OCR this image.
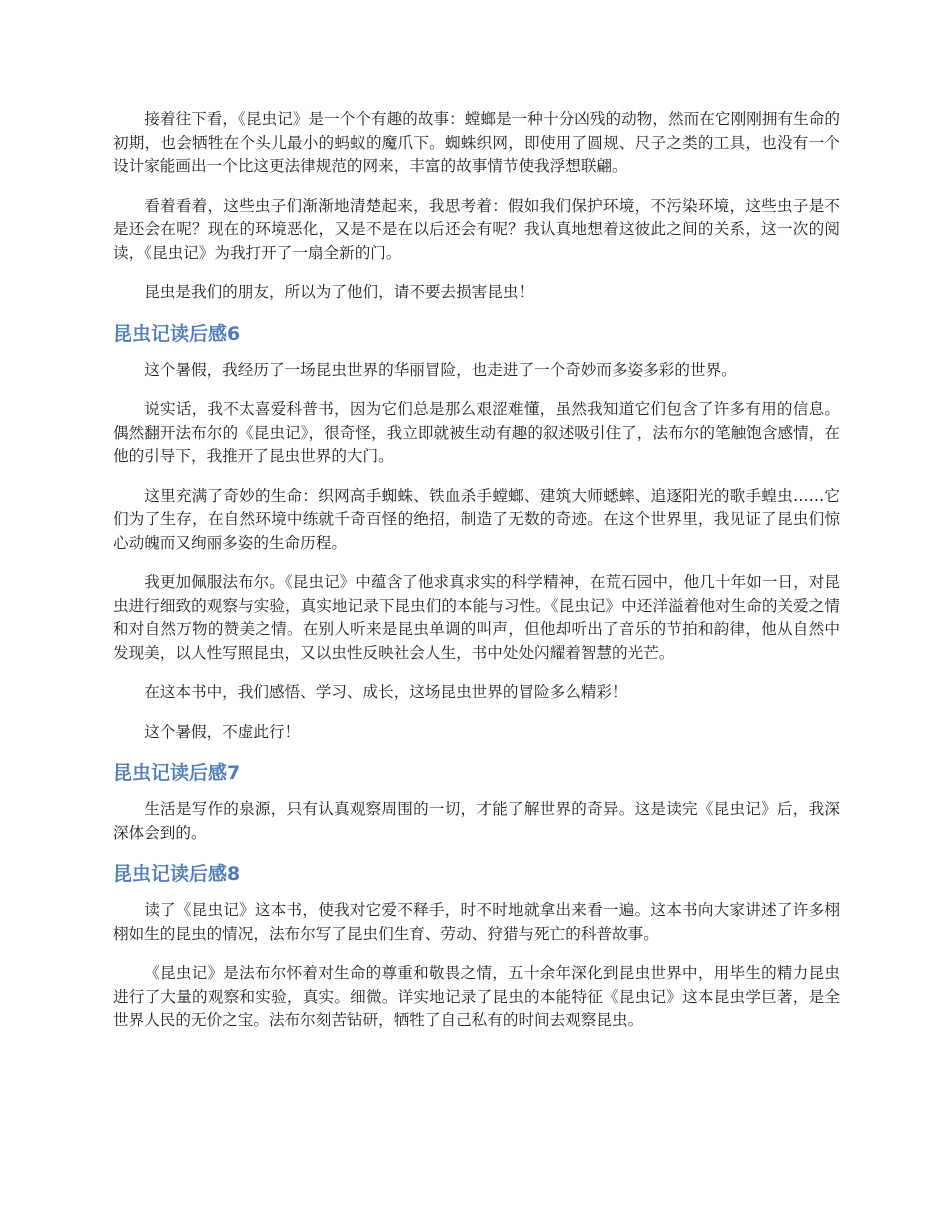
接着往下看，《昆虫记》是一个个有趣的故事：螳螂是一种十分凶残的动物，然而在它刚刚拥有生命的初期，也会牺牲在个头儿最小的蚂蚁的魔爪下。蜘蛛织网，即使用了圆规、尺子之类的工具，也没有一个设计家能画出一个比这更法律规范的网来，丰富的故事情节使我浮想联翩。

看着看着，这些虫子们渐渐地清楚起来，我思考着：假如我们保护环境，不污染环境，这些虫子是不是还会在呢？现在的环境恶化，又是不是在以后还会有呢？我认真地想着这彼此之间的关系，这一次的阅读，《昆虫记》为我打开了一扇全新的门。

昆虫是我们的朋友，所以为了他们，请不要去损害昆虫！

昆虫记读后感6

这个暑假，我经历了一场昆虫世界的华丽冒险，也走进了一个奇妙而多姿多彩的世界。

说实话，我不太喜爱科普书，因为它们总是那么艰涩难懂，虽然我知道它们包含了许多有用的信息。偶然翻开法布尔的《昆虫记》，很奇怪，我立即就被生动有趣的叙述吸引住了，法布尔的笔触饱含感情，在他的引导下，我推开了昆虫世界的大门。

这里充满了奇妙的生命：织网高手蜘蛛、铁血杀手螳螂、建筑大师蟋蟀、追逐阳光的歌手蝗虫……它们为了生存，在自然环境中练就千奇百怪的绝招，制造了无数的奇迹。在这个世界里，我见证了昆虫们惊心动魄而又绚丽多姿的生命历程。

我更加佩服法布尔。《昆虫记》中蕴含了他求真求实的科学精神，在荒石园中，他几十年如一日，对昆虫进行细致的观察与实验，真实地记录下昆虫们的本能与习性。《昆虫记》中还洋溢着他对生命的关爱之情和对自然万物的赞美之情。在别人听来是昆虫单调的叫声，但他却听出了音乐的节拍和韵律，他从自然中发现美，以人性写照昆虫，又以虫性反映社会人生，书中处处闪耀着智慧的光芒。

在这本书中，我们感悟、学习、成长，这场昆虫世界的冒险多么精彩！

这个暑假，不虚此行！

昆虫记读后感7

生活是写作的泉源，只有认真观察周围的一切，才能了解世界的奇异。这是读完《昆虫记》后，我深深体会到的。

昆虫记读后感8

读了《昆虫记》这本书，使我对它爱不释手，时不时地就拿出来看一遍。这本书向大家讲述了许多栩栩如生的昆虫的情况，法布尔写了昆虫们生育、劳动、狩猎与死亡的科普故事。

《昆虫记》是法布尔怀着对生命的尊重和敬畏之情，五十余年深化到昆虫世界中，用毕生的精力昆虫进行了大量的观察和实验，真实。细微。详实地记录了昆虫的本能特征《昆虫记》这本昆虫学巨著，是全世界人民的无价之宝。法布尔刻苦钻研，牺牲了自己私有的时间去观察昆虫。
